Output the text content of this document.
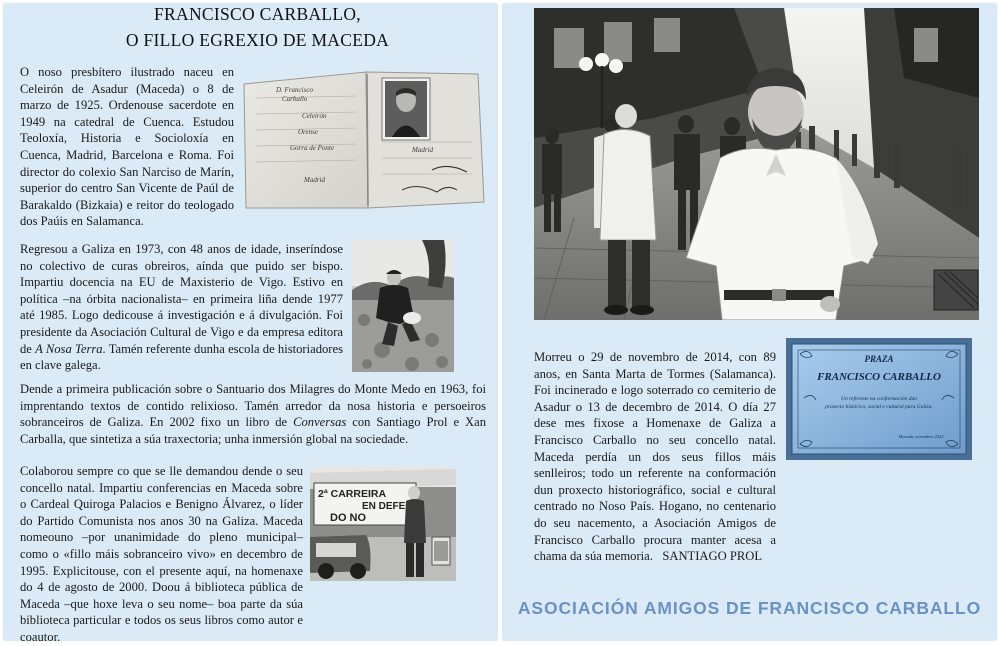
FRANCISCO CARBALLO,
O FILLO EGREXIO DE MACEDA
O noso presbítero ilustrado naceu en Celeirón de Asadur (Maceda) o 8 de marzo de 1925. Ordenouse sacerdote en 1949 na catedral de Cuenca. Estudou Teoloxía, Historia e Socioloxía en Cuenca, Madrid, Barcelona e Roma. Foi director do colexio San Narciso de Marín, superior do centro San Vicente de Paúl de Barakaldo (Bizkaia) e reitor do teologado dos Paúis en Salamanca.
D. Francisco
Carballo
Celeirón
Orense
Gorra de Ponte
Madrid
Madrid
Regresou a Galiza en 1973, con 48 anos de idade, inseríndose no colectivo de curas obreiros, aínda que puido ser bispo. Impartiu docencia na EU de Maxisterio de Vigo. Estivo en política –na órbita nacionalista– en primeira liña dende 1977 até 1985. Logo dedicouse á investigación e á divulgación. Foi presidente da Asociación Cultural de Vigo e da empresa editora de A Nosa Terra. Tamén referente dunha escola de historiadores en clave galega.
Dende a primeira publicación sobre o Santuario dos Milagres do Monte Medo en 1963, foi imprentando textos de contido relixioso. Tamén arredor da nosa historia e persoeiros sobranceiros de Galiza. En 2002 fixo un libro de Conversas con Santiago Prol e Xan Carballa, que sintetiza a súa traxectoria; unha inmersión global na sociedade.
Colaborou sempre co que se lle demandou dende o seu concello natal. Impartiu conferencias en Maceda sobre o Cardeal Quiroga Palacios e Benigno Álvarez, o líder do Partido Comunista nos anos 30 na Galiza. Maceda nomeouno –por unanimidade do pleno municipal– como o «fillo máis sobranceiro vivo» en decembro de 1995. Explicitouse, con el presente aquí, na homenaxe do 4 de agosto de 2000. Doou á biblioteca pública de Maceda –que hoxe leva o seu nome– boa parte da súa biblioteca particular e todos os seus libros como autor e coautor.
2ª CARREIRA
EN DEFE
DO NO
Morreu o 29 de novembro de 2014, con 89 anos, en Santa Marta de Tormes (Salamanca). Foi incinerado e logo soterrado co cemiterio de Asadur o 13 de decembro de 2014. O día 27 dese mes fixose a Homenaxe de Galiza a Francisco Carballo no seu concello natal. Maceda perdía un dos seus fillos máis senlleiros; todo un referente na conformación dun proxecto historiográfico, social e cultural centrado no Noso País. Hogano, no centenario do seu nacemento, a Asociación Amigos de Francisco Carballo procura manter acesa a chama da súa memoria. SANTIAGO PROL
PRAZA
FRANCISCO CARBALLO
Un referente na conformación dun
proxecto histórico, social e cultural para Galiza.
Maceda, novembro 2023
ASOCIACIÓN AMIGOS DE FRANCISCO CARBALLO
